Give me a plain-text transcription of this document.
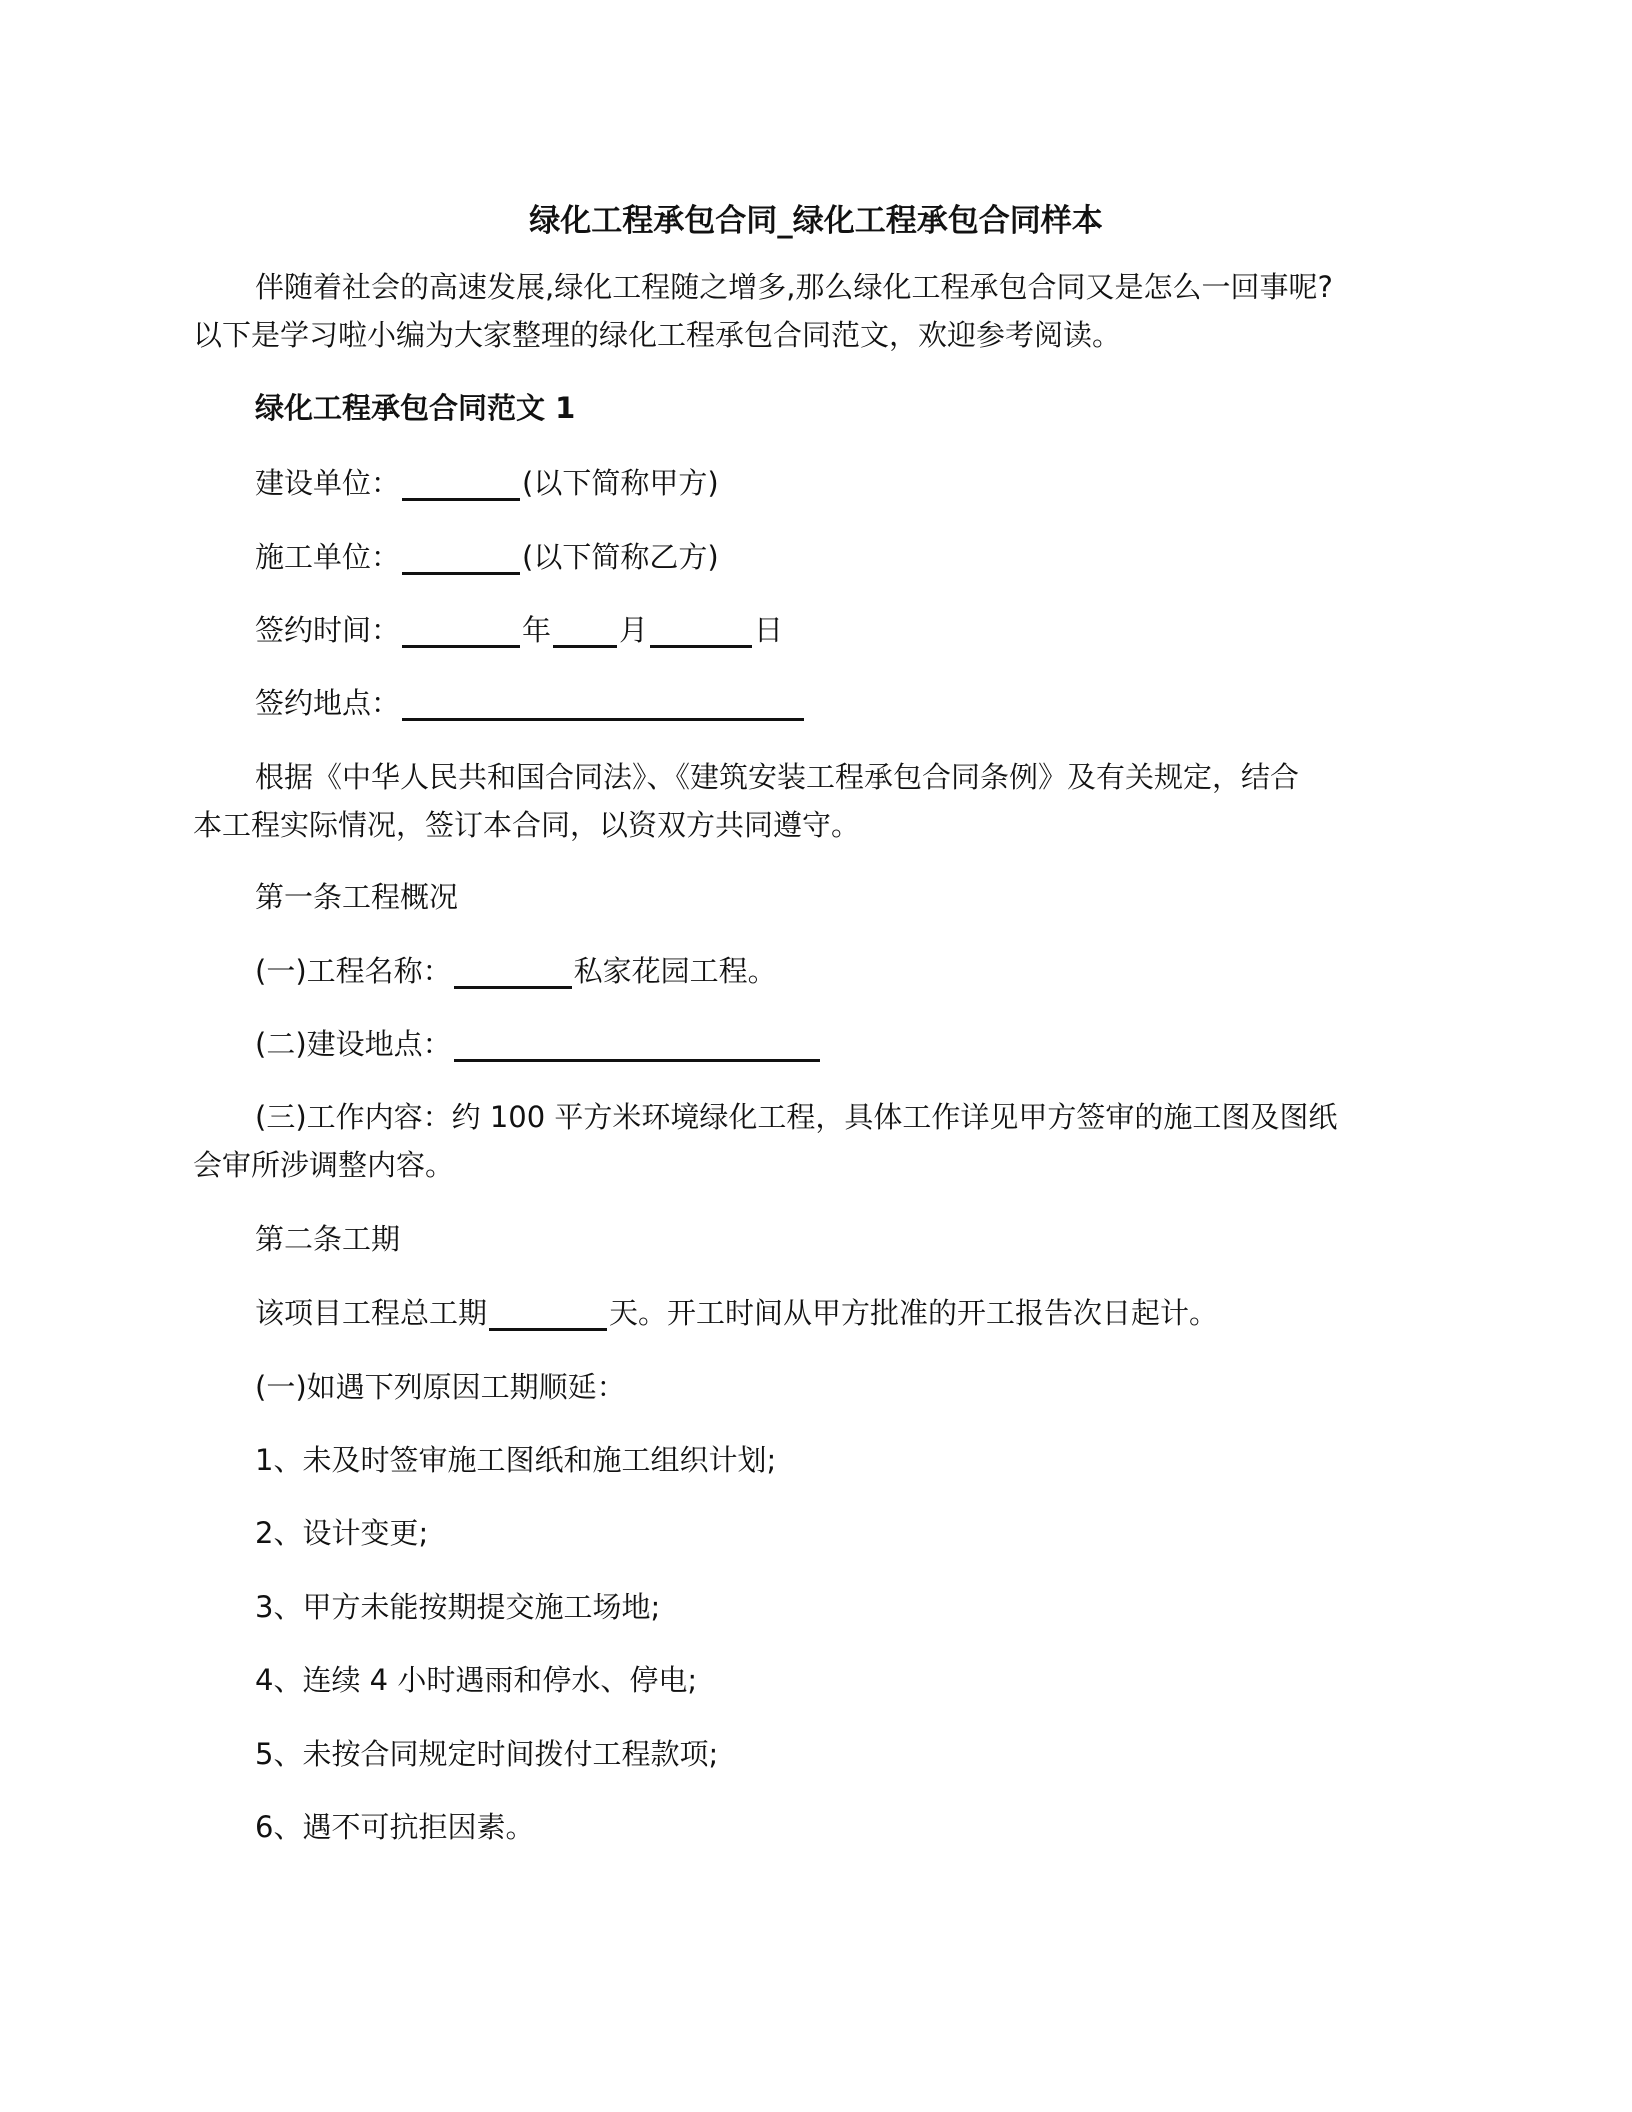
绿化工程承包合同_绿化工程承包合同样本
伴随着社会的高速发展,绿化工程随之增多,那么绿化工程承包合同又是怎么一回事呢?
以下是学习啦小编为大家整理的绿化工程承包合同范文，欢迎参考阅读。
绿化工程承包合同范文 1
建设单位：	(以下简称甲方)
施工单位：	(以下简称乙方)
签约时间：	年 月	日
签约地点：
根据《中华人民共和国合同法》、《建筑安装工程承包合同条例》及有关规定，结合
本工程实际情况，签订本合同，以资双方共同遵守。
第一条工程概况
(一)工程名称：	私家花园工程。
(二)建设地点：
(三)工作内容：约 100 平方米环境绿化工程，具体工作详见甲方签审的施工图及图纸
会审所涉调整内容。
第二条工期
该项目工程总工期	天。开工时间从甲方批准的开工报告次日起计。
(一)如遇下列原因工期顺延：
1、未及时签审施工图纸和施工组织计划;
2、设计变更;
3、甲方未能按期提交施工场地;
4、连续 4 小时遇雨和停水、停电;
5、未按合同规定时间拨付工程款项;
6、遇不可抗拒因素。
